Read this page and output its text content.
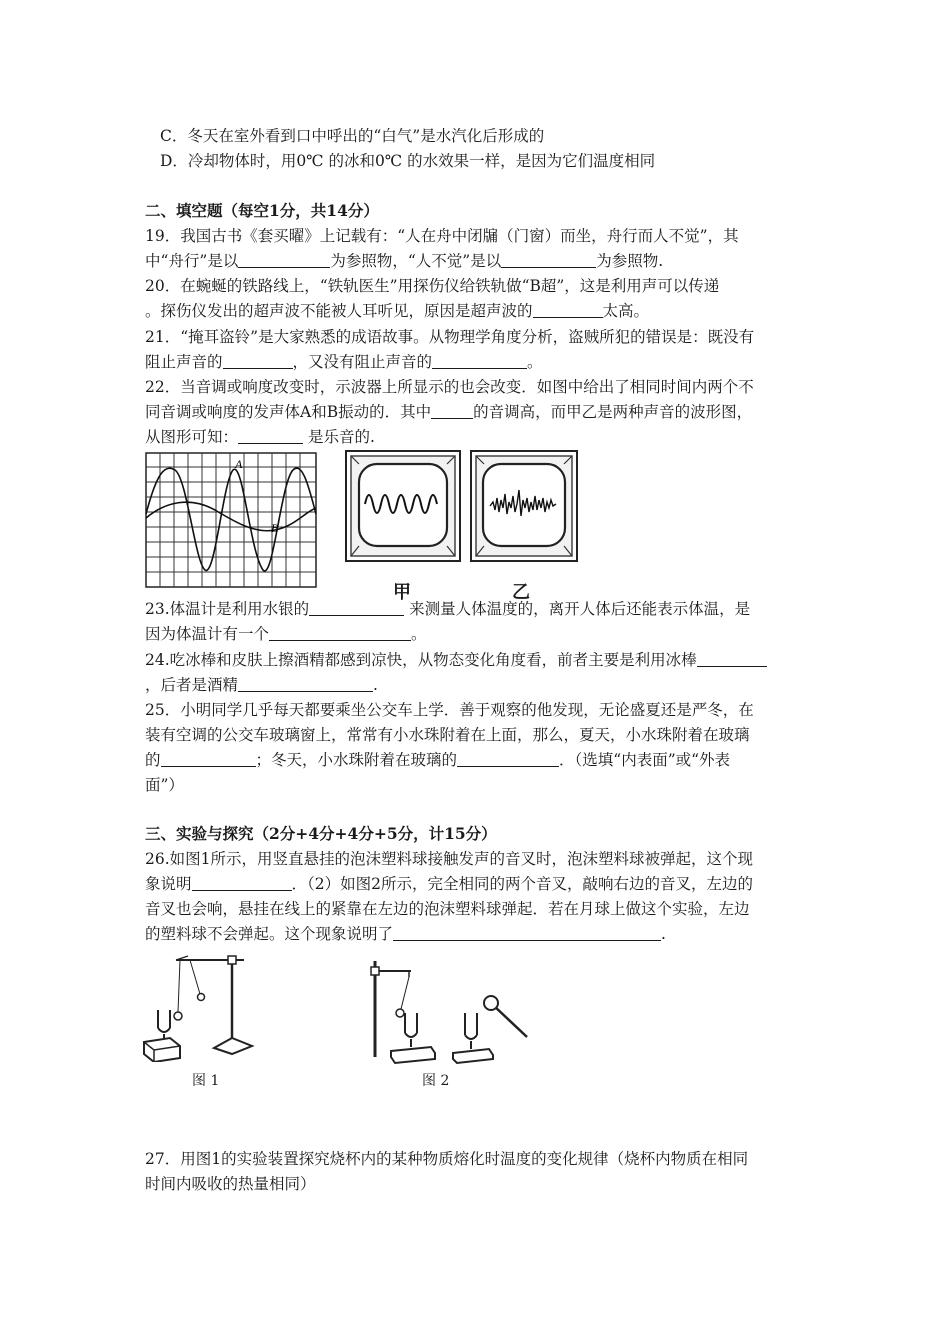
C．冬天在室外看到口中呼出的“白气”是水汽化后形成的
D．冷却物体时，用0℃ 的冰和0℃ 的水效果一样，是因为它们温度相同
二、填空题（每空1分，共14分）
19．我国古书《套买曜》上记载有：“人在舟中闭牖（门窗）而坐，舟行而人不觉”，其
中“舟行”是以	为参照物，“人不觉”是以	为参照物.
20．在蜿蜒的铁路线上，“铁轨医生”用探伤仪给铁轨做“B超”，这是利用声可以传递
。探伤仪发出的超声波不能被人耳听见，原因是超声波的	太高。
21．“掩耳盗铃”是大家熟悉的成语故事。从物理学角度分析，盗贼所犯的错误是：既没有
阻止声音的	，又没有阻止声音的	。
22．当音调或响度改变时，示波器上所显示的也会改变．如图中给出了相同时间内两个不
同音调或响度的发声体A和B振动的．其中	的音调高，而甲乙是两种声音的波形图，
从图形可知：	是乐音的.
A
B
甲	乙
23.体温计是利用水银的	来测量人体温度的，离开人体后还能表示体温，是
因为体温计有一个	。
24.吃冰棒和皮肤上擦酒精都感到凉快，从物态变化角度看，前者主要是利用冰棒
，后者是酒精	.
25．小明同学几乎每天都要乘坐公交车上学．善于观察的他发现，无论盛夏还是严冬，在
装有空调的公交车玻璃窗上，常常有小水珠附着在上面，那么，夏天，小水珠附着在玻璃
的	；冬天，小水珠附着在玻璃的	．（选填“内表面”或“外表
面”）
三、实验与探究（2分+4分+4分+5分，计15分）
26.如图1所示，用竖直悬挂的泡沫塑料球接触发声的音叉时，泡沫塑料球被弹起，这个现
象说明	．（2）如图2所示，完全相同的两个音叉，敲响右边的音叉，左边的
音叉也会响，悬挂在线上的紧靠在左边的泡沫塑料球弹起．若在月球上做这个实验，左边
的塑料球不会弹起。这个现象说明了	.
图 1	图 2
27．用图1的实验装置探究烧杯内的某种物质熔化时温度的变化规律（烧杯内物质在相同
时间内吸收的热量相同）
